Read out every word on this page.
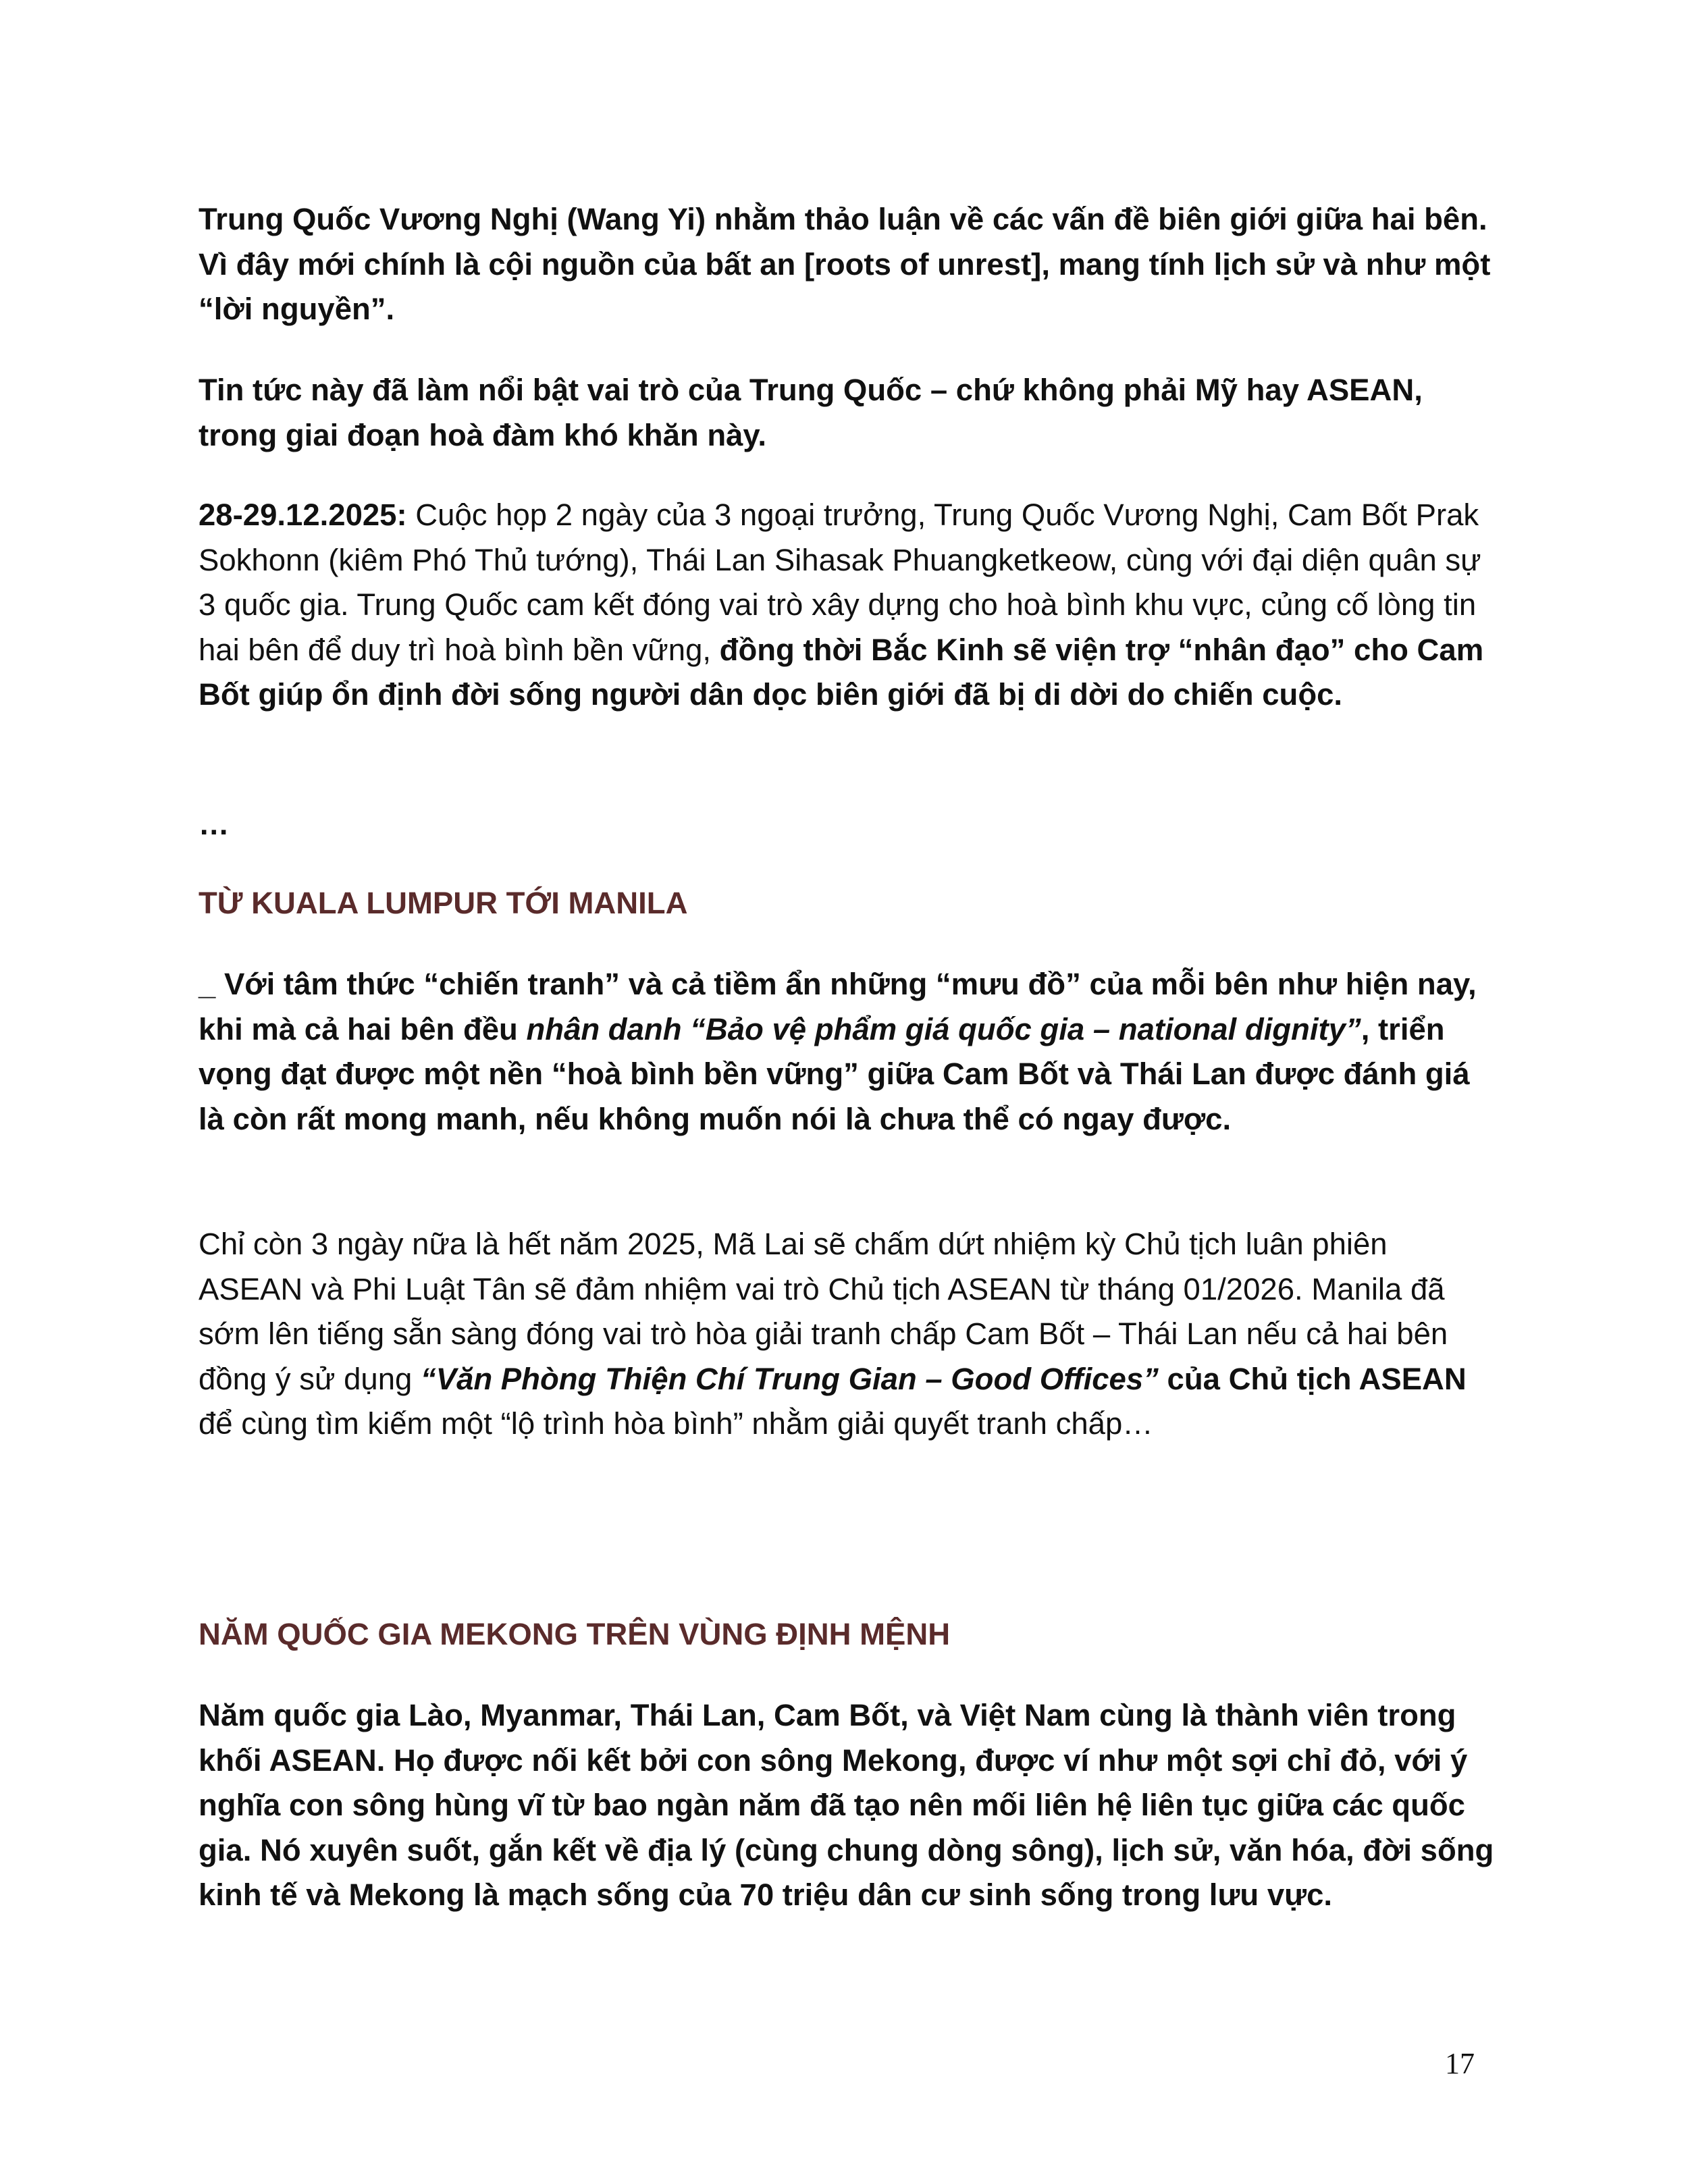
Trung Quốc Vương Nghị (Wang Yi) nhằm thảo luận về các vấn đề biên giới giữa hai bên. Vì đây mới chính là cội nguồn của bất an [roots of unrest], mang tính lịch sử và như một “lời nguyền”.

Tin tức này đã làm nổi bật vai trò của Trung Quốc – chứ không phải Mỹ hay ASEAN, trong giai đoạn hoà đàm khó khăn này.

28-29.12.2025: Cuộc họp 2 ngày của 3 ngoại trưởng, Trung Quốc Vương Nghị, Cam Bốt Prak Sokhonn (kiêm Phó Thủ tướng), Thái Lan Sihasak Phuangketkeow, cùng với đại diện quân sự 3 quốc gia. Trung Quốc cam kết đóng vai trò xây dựng cho hoà bình khu vực, củng cố lòng tin hai bên để duy trì hoà bình bền vững, đồng thời Bắc Kinh sẽ viện trợ “nhân đạo” cho Cam Bốt giúp ổn định đời sống người dân dọc biên giới đã bị di dời do chiến cuộc.

…

TỪ KUALA LUMPUR TỚI MANILA

_ Với tâm thức “chiến tranh” và cả tiềm ẩn những “mưu đồ” của mỗi bên như hiện nay, khi mà cả hai bên đều nhân danh “Bảo vệ phẩm giá quốc gia – national dignity”, triển vọng đạt được một nền “hoà bình bền vững” giữa Cam Bốt và Thái Lan được đánh giá là còn rất mong manh, nếu không muốn nói là chưa thể có ngay được.

Chỉ còn 3 ngày nữa là hết năm 2025, Mã Lai sẽ chấm dứt nhiệm kỳ Chủ tịch luân phiên ASEAN và Phi Luật Tân sẽ đảm nhiệm vai trò Chủ tịch ASEAN từ tháng 01/2026. Manila đã sớm lên tiếng sẵn sàng đóng vai trò hòa giải tranh chấp Cam Bốt – Thái Lan nếu cả hai bên đồng ý sử dụng “Văn Phòng Thiện Chí Trung Gian – Good Offices” của Chủ tịch ASEAN để cùng tìm kiếm một “lộ trình hòa bình” nhằm giải quyết tranh chấp…

NĂM QUỐC GIA MEKONG TRÊN VÙNG ĐỊNH MỆNH

Năm quốc gia Lào, Myanmar, Thái Lan, Cam Bốt, và Việt Nam cùng là thành viên trong khối ASEAN. Họ được nối kết bởi con sông Mekong, được ví như một sợi chỉ đỏ, với ý nghĩa con sông hùng vĩ từ bao ngàn năm đã tạo nên mối liên hệ liên tục giữa các quốc gia. Nó xuyên suốt, gắn kết về địa lý (cùng chung dòng sông), lịch sử, văn hóa, đời sống kinh tế và Mekong là mạch sống của 70 triệu dân cư sinh sống trong lưu vực.

17
